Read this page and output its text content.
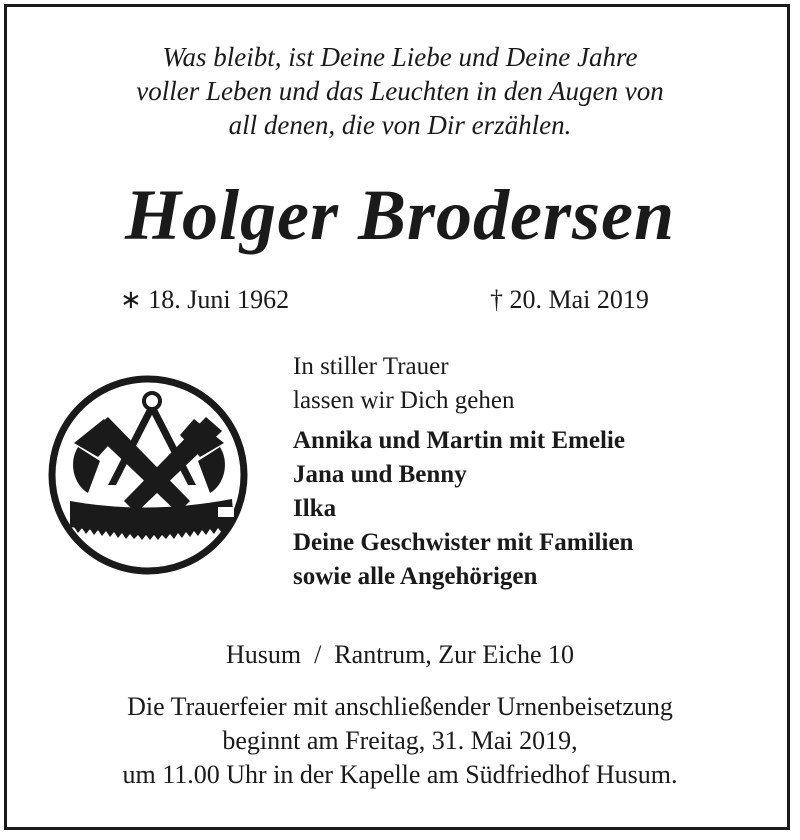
Was bleibt, ist Deine Liebe und Deine Jahre
voller Leben und das Leuchten in den Augen von
all denen, die von Dir erzählen.
Holger Brodersen
∗ 18. Juni 1962	† 20. Mai 2019
In stiller Trauer
lassen wir Dich gehen
Annika und Martin mit Emelie
Jana und Benny
Ilka
Deine Geschwister mit Familien
sowie alle Angehörigen
Husum  /  Rantrum, Zur Eiche 10
Die Trauerfeier mit anschließender Urnenbeisetzung
beginnt am Freitag, 31. Mai 2019,
um 11.00 Uhr in der Kapelle am Südfriedhof Husum.
